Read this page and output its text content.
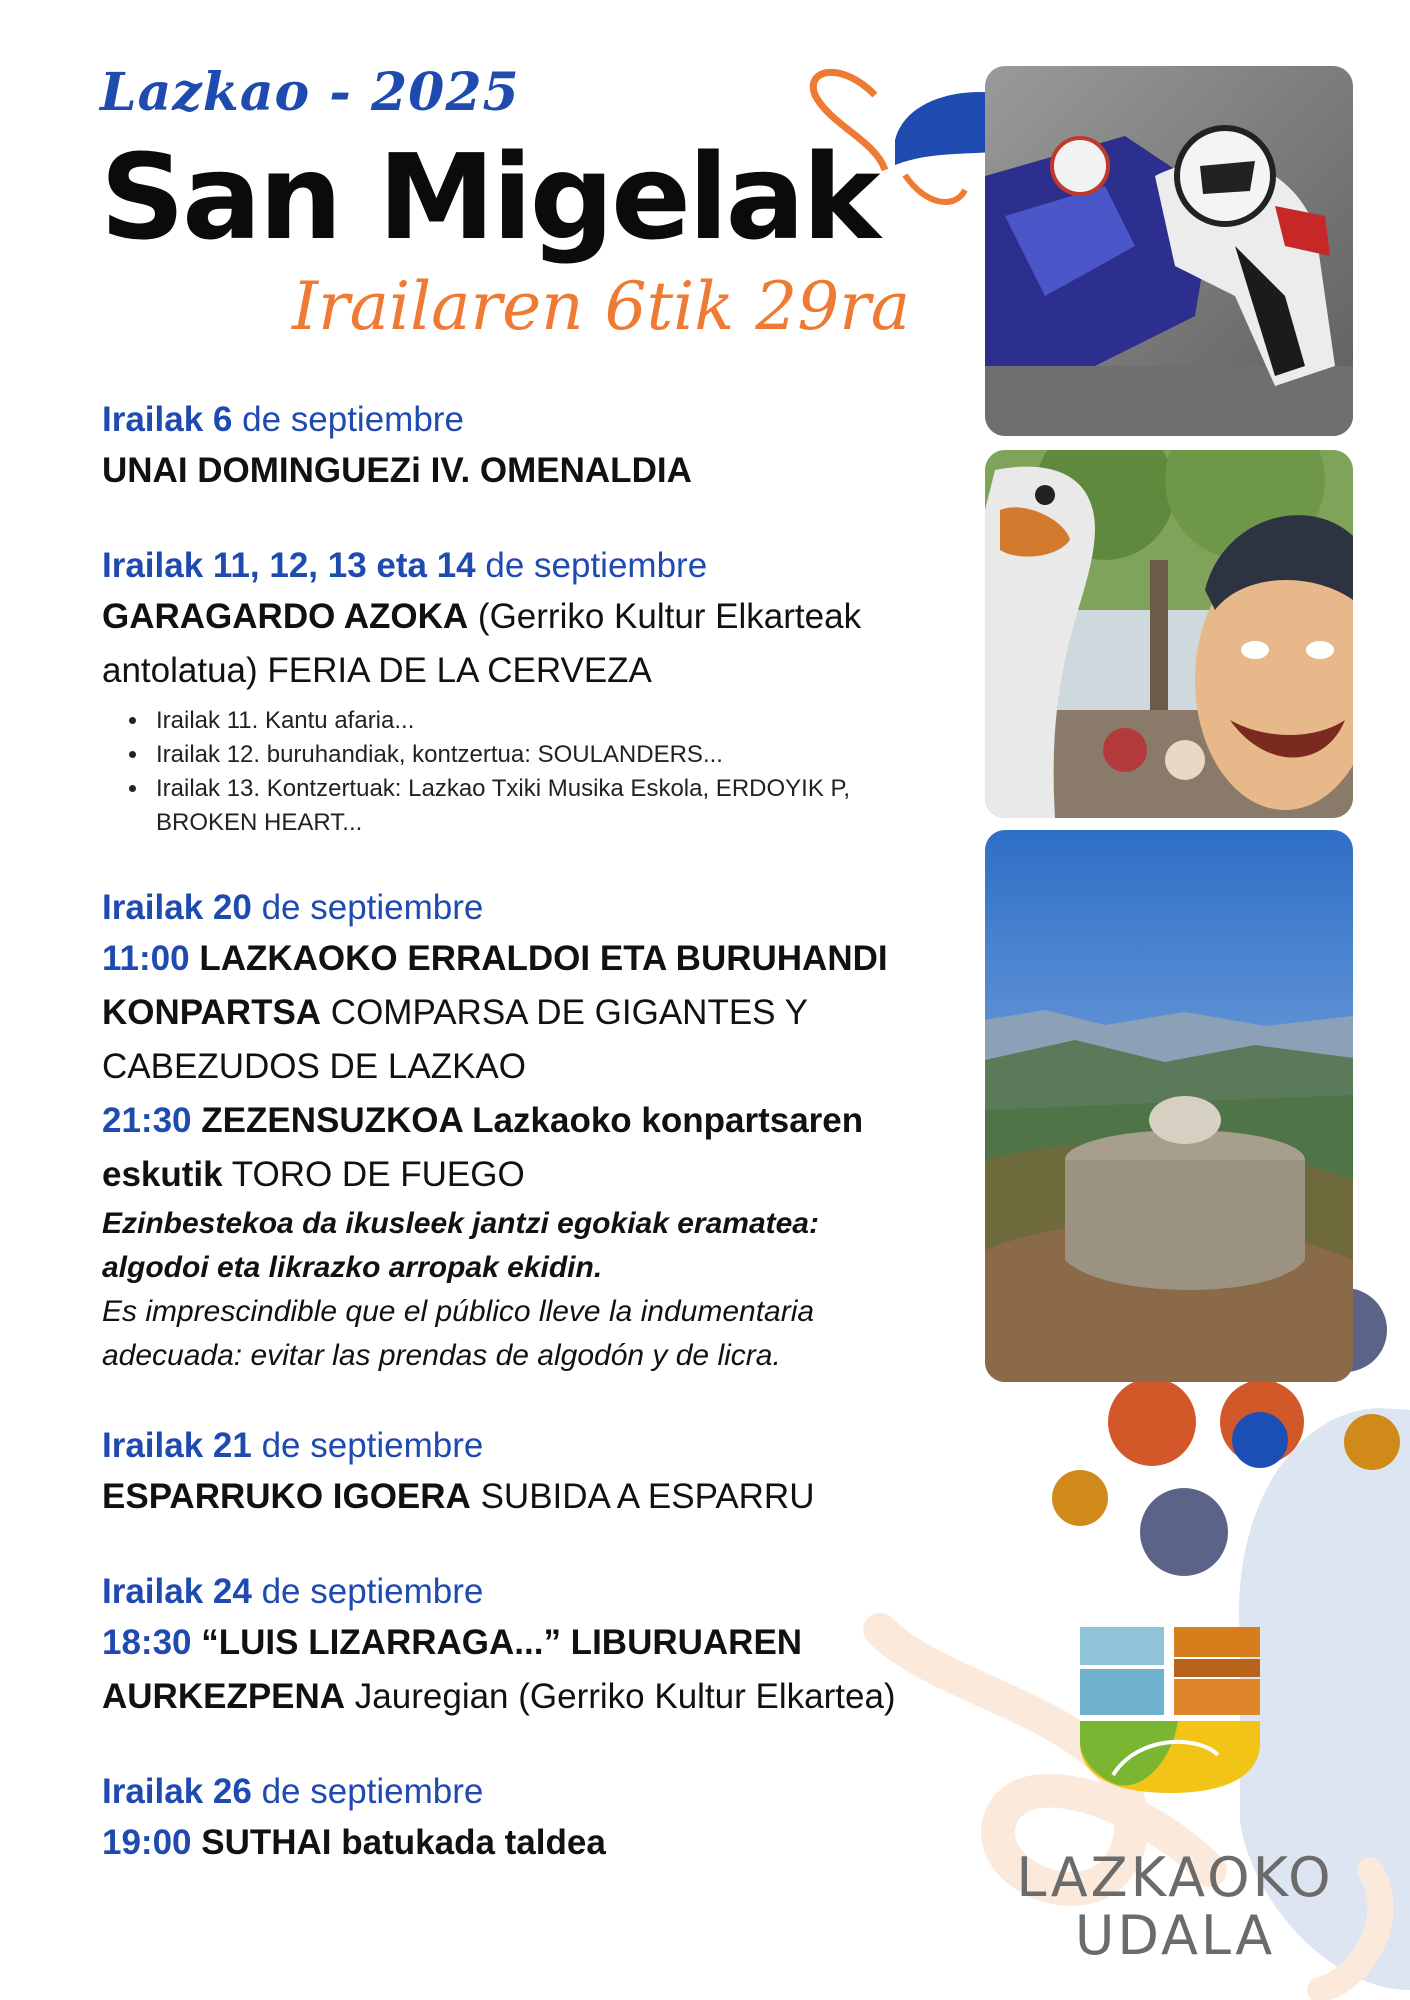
Lazkao - 2025
San Migelak
Irailaren 6tik 29ra
Irailak 6 de septiembre
UNAI DOMINGUEZi IV. OMENALDIA
Irailak 11, 12, 13 eta 14 de septiembre
GARAGARDO AZOKA (Gerriko Kultur Elkarteak antolatua) FERIA DE LA CERVEZA
• Irailak 11. Kantu afaria...
• Irailak 12. buruhandiak, kontzertua: SOULANDERS...
• Irailak 13. Kontzertuak: Lazkao Txiki Musika Eskola, ERDOYIK P, BROKEN HEART...
Irailak 20 de septiembre
11:00 LAZKAOKO ERRALDOI ETA BURUHANDI KONPARTSA COMPARSA DE GIGANTES Y CABEZUDOS DE LAZKAO
21:30 ZEZENSUZKOA Lazkaoko konpartsaren eskutik TORO DE FUEGO
Ezinbestekoa da ikusleek jantzi egokiak eramatea: algodoi eta likrazko arropak ekidin.
Es imprescindible que el público lleve la indumentaria adecuada: evitar las prendas de algodón y de licra.
Irailak 21 de septiembre
ESPARRUKO IGOERA SUBIDA A ESPARRU
Irailak 24 de septiembre
18:30 “LUIS LIZARRAGA...” LIBURUAREN AURKEZPENA Jauregian (Gerriko Kultur Elkartea)
Irailak 26 de septiembre
19:00 SUTHAI batukada taldea
LAZKAOKO
UDALA
